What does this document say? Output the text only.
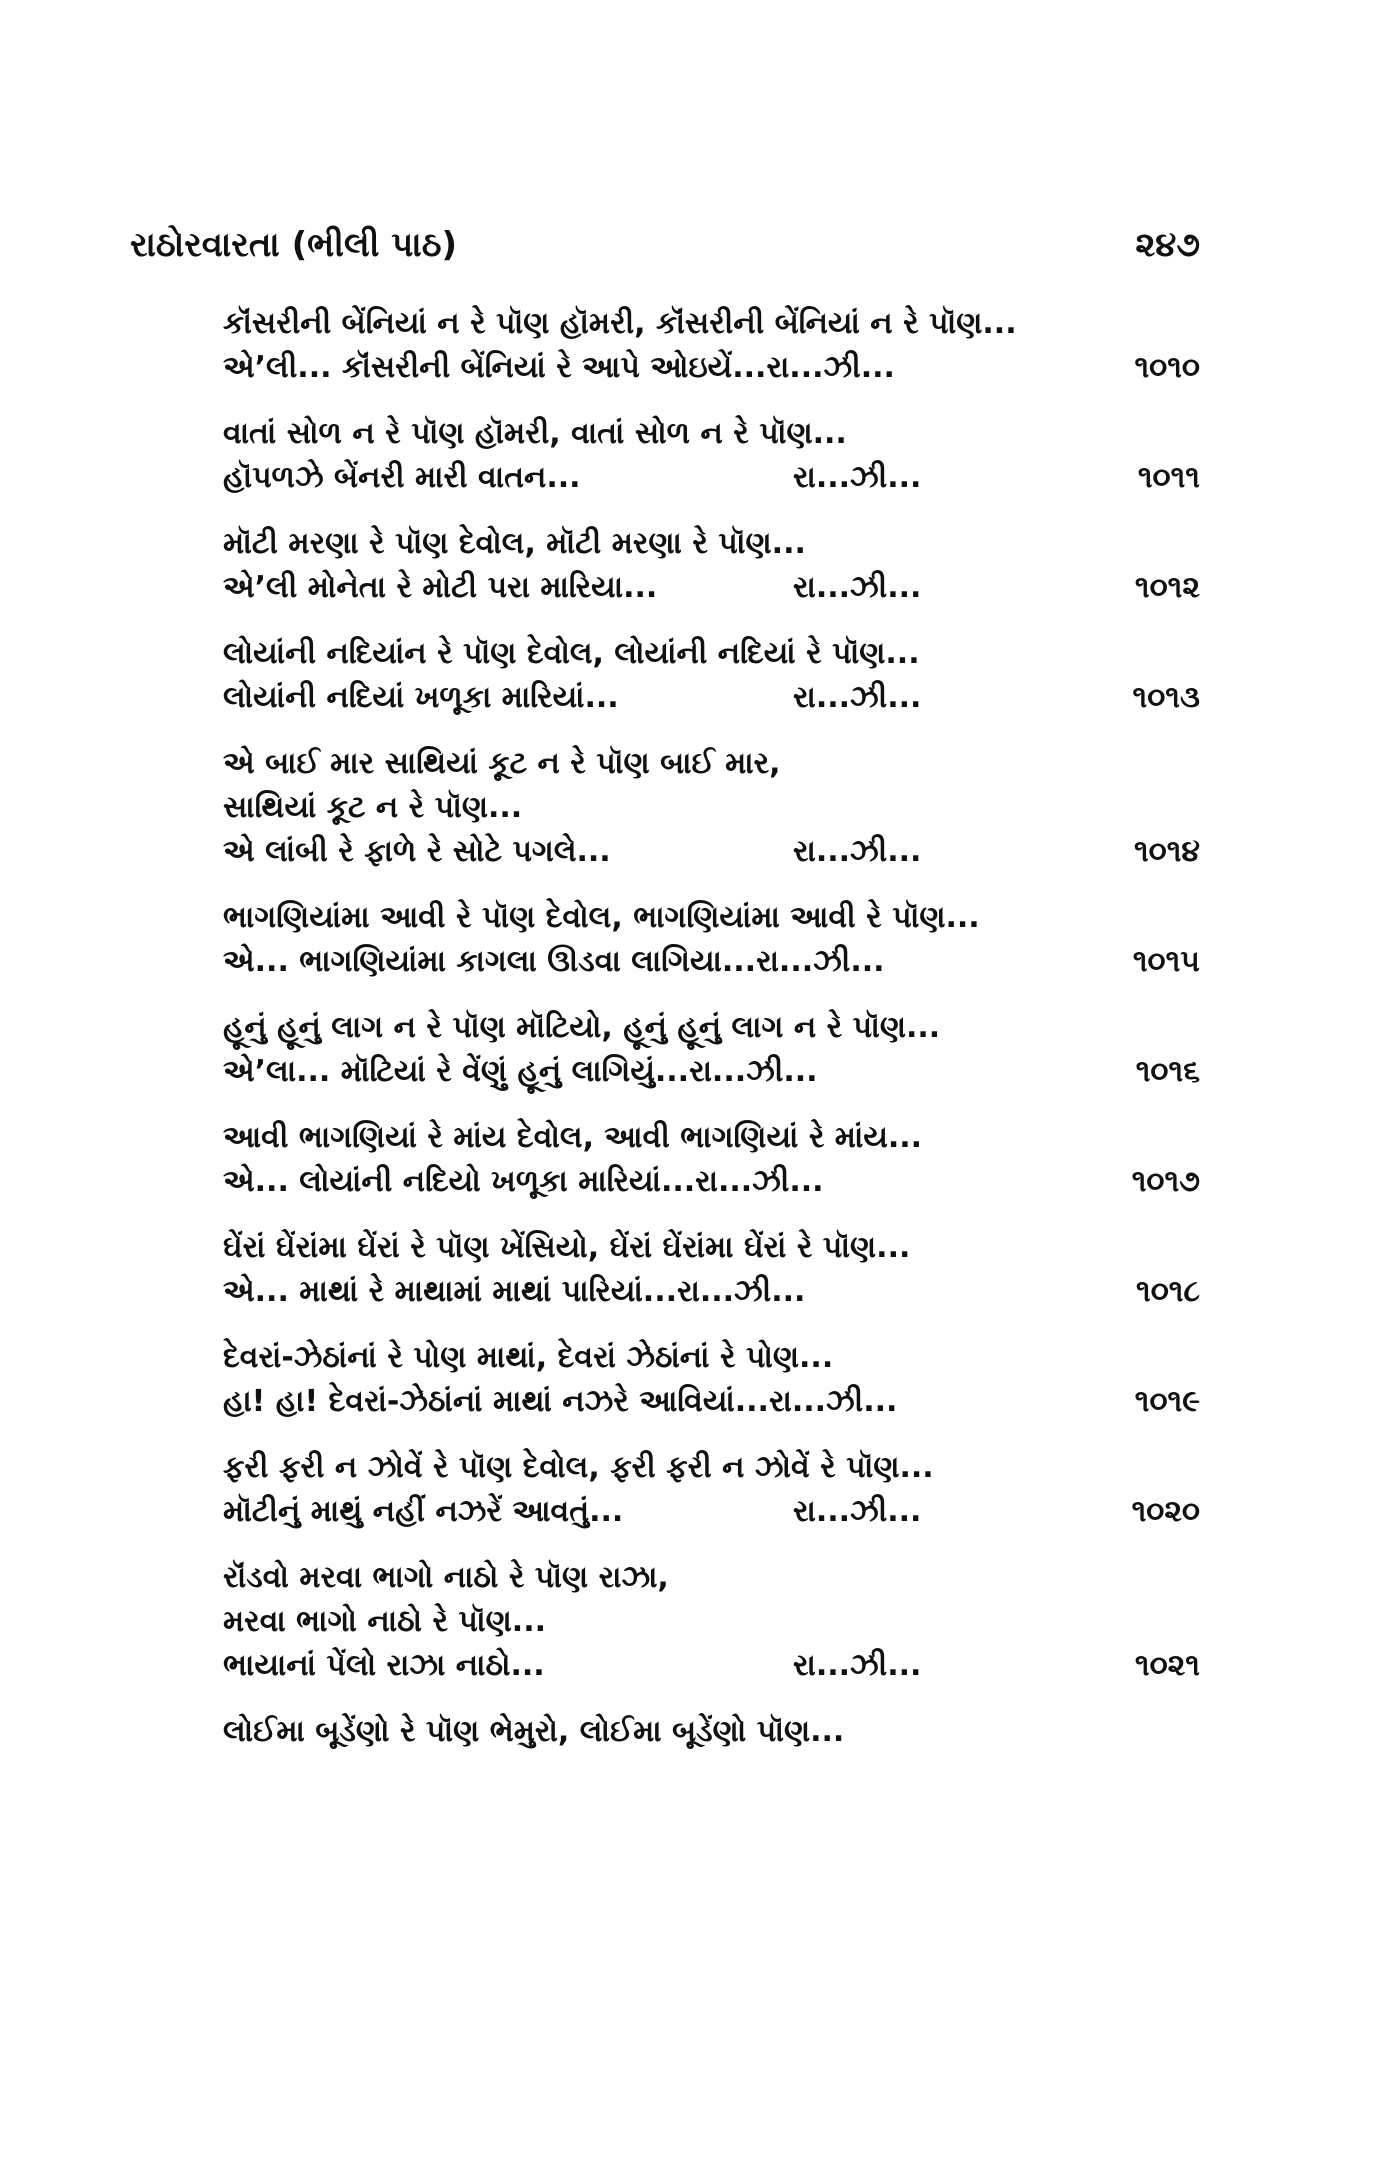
રાઠોરવારતા (ભીલી પાઠ)	૨૪૭
કૉંસરીની બેંનિયાં ન રે પૉણ હૉમરી, કૉંસરીની બેંનિયાં ન રે પૉણ...
એ’લી... કૉંસરીની બેંનિયાં રે આપે ઓઇયેં...રા...ઝી...	૧૦૧૦
વાતાં સોળ ન રે પૉણ હૉમરી, વાતાં સોળ ન રે પૉણ...
હૉપળઝે બેંનરી મારી વાતન...	રા...ઝી...	૧૦૧૧
મૉટી મરણા રે પૉણ દેવોલ, મૉટી મરણા રે પૉણ...
એ’લી મોનેતા રે મોટી પરા મારિયા...	રા...ઝી...	૧૦૧૨
લોયાંની નદિયાંન રે પૉણ દેવોલ, લોયાંની નદિયાં રે પૉણ...
લોયાંની નદિયાં ખળૂકા મારિયાં...	રા...ઝી...	૧૦૧૩
એ બાઈ માર સાથિયાં કૂટ ન રે પૉણ બાઈ માર,
સાથિયાં કૂટ ન રે પૉણ...
એ લાંબી રે ફાળે રે સોટે પગલે...	રા...ઝી...	૧૦૧૪
ભાગણિયાંમા આવી રે પૉણ દેવોલ, ભાગણિયાંમા આવી રે પૉણ...
એ... ભાગણિયાંમા કાગલા ઊડવા લાગિયા...રા...ઝી...	૧૦૧૫
હૂનું હૂનું લાગ ન રે પૉણ મૉટિયો, હૂનું હૂનું લાગ ન રે પૉણ...
એ’લા... મૉટિયાં રે વેંણું હૂનું લાગિયું...રા...ઝી...	૧૦૧૬
આવી ભાગણિયાં રે માંય દેવોલ, આવી ભાગણિયાં રે માંય...
એ... લોયાંની નદિયો ખળૂકા મારિયાં...રા...ઝી...	૧૦૧૭
ઘેંરાં ઘેંરાંમા ઘેંરાં રે પૉણ ખેંસિયો, ઘેંરાં ઘેંરાંમા ઘેંરાં રે પૉણ...
એ... માથાં રે માથામાં માથાં પારિયાં...રા...ઝી...	૧૦૧૮
દેવરાં-ઝેઠાંનાં રે પોણ માથાં, દેવરાં ઝેઠાંનાં રે પોણ...
હા! હા! દેવરાં-ઝેઠાંનાં માથાં નઝરે આવિયાં...રા...ઝી...	૧૦૧૯
ફરી ફરી ન ઝોવેં રે પૉણ દેવોલ, ફરી ફરી ન ઝોવેં રે પૉણ...
મૉટીનું માથું નહીં નઝરેં આવતું...	રા...ઝી...	૧૦૨૦
રૉંડવો મરવા ભાગો નાઠો રે પૉણ રાઝા,
મરવા ભાગો નાઠો રે પૉણ...
ભાયાનાં પેંલો રાઝા નાઠો...	રા...ઝી...	૧૦૨૧
લોઈમા બૂડેંણો રે પૉણ ભેમુરો, લોઈમા બૂડેંણો પૉણ...
